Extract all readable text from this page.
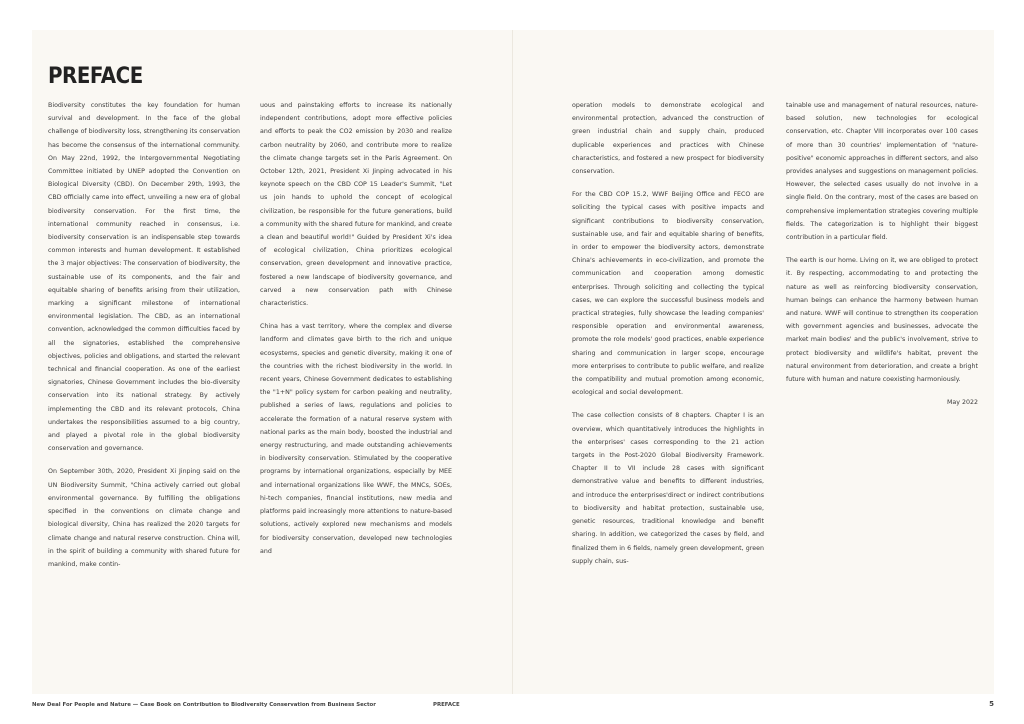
PREFACE

Biodiversity constitutes the key foundation for human survival and development. In the face of the global challenge of biodiversity loss, strengthening its conservation has become the consensus of the international community. On May 22nd, 1992, the Intergovernmental Negotiating Committee initiated by UNEP adopted the Convention on Biological Diversity (CBD). On December 29th, 1993, the CBD officially came into effect, unveiling a new era of global biodiversity conservation. For the first time, the international community reached in consensus, i.e. biodiversity conservation is an indispensable step towards common interests and human development. It established the 3 major objectives: The conservation of biodiversity, the sustainable use of its components, and the fair and equitable sharing of benefits arising from their utilization, marking a significant milestone of international environmental legislation. The CBD, as an international convention, acknowledged the common difficulties faced by all the signatories, established the comprehensive objectives, policies and obligations, and started the relevant technical and financial cooperation. As one of the earliest signatories, Chinese Government includes the bio-diversity conservation into its national strategy. By actively implementing the CBD and its relevant protocols, China undertakes the responsibilities assumed to a big country, and played a pivotal role in the global biodiversity conservation and governance.

On September 30th, 2020, President Xi Jinping said on the UN Biodiversity Summit, "China actively carried out global environmental governance. By fulfilling the obligations specified in the conventions on climate change and biological diversity, China has realized the 2020 targets for climate change and natural reserve construction. China will, in the spirit of building a community with shared future for mankind, make contin-

uous and painstaking efforts to increase its nationally independent contributions, adopt more effective policies and efforts to peak the CO2 emission by 2030 and realize carbon neutrality by 2060, and contribute more to realize the climate change targets set in the Paris Agreement. On October 12th, 2021, President Xi Jinping advocated in his keynote speech on the CBD COP 15 Leader's Summit, "Let us join hands to uphold the concept of ecological civilization, be responsible for the future generations, build a community with the shared future for mankind, and create a clean and beautiful world!" Guided by President Xi's idea of ecological civilization, China prioritizes ecological conservation, green development and innovative practice, fostered a new landscape of biodiversity governance, and carved a new conservation path with Chinese characteristics.

China has a vast territory, where the complex and diverse landform and climates gave birth to the rich and unique ecosystems, species and genetic diversity, making it one of the countries with the richest biodiversity in the world. In recent years, Chinese Government dedicates to establishing the "1+N" policy system for carbon peaking and neutrality, published a series of laws, regulations and policies to accelerate the formation of a natural reserve system with national parks as the main body, boosted the industrial and energy restructuring, and made outstanding achievements in biodiversity conservation. Stimulated by the cooperative programs by international organizations, especially by MEE and international organizations like WWF, the MNCs, SOEs, hi-tech companies, financial institutions, new media and platforms paid increasingly more attentions to nature-based solutions, actively explored new mechanisms and models for biodiversity conservation, developed new technologies and

operation models to demonstrate ecological and environmental protection, advanced the construction of green industrial chain and supply chain, produced duplicable experiences and practices with Chinese characteristics, and fostered a new prospect for biodiversity conservation.

For the CBD COP 15.2, WWF Beijing Office and FECO are soliciting the typical cases with positive impacts and significant contributions to biodiversity conservation, sustainable use, and fair and equitable sharing of benefits, in order to empower the biodiversity actors, demonstrate China's achievements in eco-civilization, and promote the communication and cooperation among domestic enterprises. Through soliciting and collecting the typical cases, we can explore the successful business models and practical strategies, fully showcase the leading companies' responsible operation and environmental awareness, promote the role models' good practices, enable experience sharing and communication in larger scope, encourage more enterprises to contribute to public welfare, and realize the compatibility and mutual promotion among economic, ecological and social development.

The case collection consists of 8 chapters. Chapter I is an overview, which quantitatively introduces the highlights in the enterprises' cases corresponding to the 21 action targets in the Post-2020 Global Biodiversity Framework. Chapter II to VII include 28 cases with significant demonstrative value and benefits to different industries, and introduce the enterprises'direct or indirect contributions to biodiversity and habitat protection, sustainable use, genetic resources, traditional knowledge and benefit sharing. In addition, we categorized the cases by field, and finalized them in 6 fields, namely green development, green supply chain, sus-

tainable use and management of natural resources, nature-based solution, new technologies for ecological conservation, etc. Chapter VIII incorporates over 100 cases of more than 30 countries' implementation of "nature-positive" economic approaches in different sectors, and also provides analyses and suggestions on management policies. However, the selected cases usually do not involve in a single field. On the contrary, most of the cases are based on comprehensive implementation strategies covering multiple fields. The categorization is to highlight their biggest contribution in a particular field.

The earth is our home. Living on it, we are obliged to protect it. By respecting, accommodating to and protecting the nature as well as reinforcing biodiversity conservation, human beings can enhance the harmony between human and nature. WWF will continue to strengthen its cooperation with government agencies and businesses, advocate the market main bodies' and the public's involvement, strive to protect biodiversity and wildlife's habitat, prevent the natural environment from deterioration, and create a bright future with human and nature coexisting harmoniously.

May 2022
New Deal For People and Nature — Case Book on Contribution to Biodiversity Conservation from Business Sector	PREFACE	5
